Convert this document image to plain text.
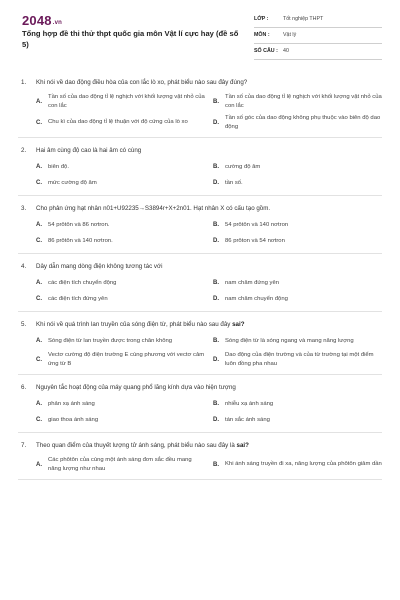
2048.vn
Tổng hợp đề thi thử thpt quốc gia môn Vật lí cực hay (đề số 5)
LỚP :	Tốt nghiệp THPT
MÔN :	Vật lý
SỐ CÂU : 40
1. Khi nói về dao động điều hòa của con lắc lò xo, phát biểu nào sau đây đúng?
A.
Tần số của dao động tỉ lệ nghịch với khối lượng vật nhỏ của con lắc
B.
Tần số của dao động tỉ lệ nghịch với khối lượng vật nhỏ của con lắc
C.	Chu kì của dao động tỉ lệ thuận với độ cứng của lò xo	D.
Tần số góc của dao động không phụ thuộc vào biên độ dao động
2. Hai âm cùng độ cao là hai âm có cùng
A.	biên độ.	B.	cường độ âm
C.	mức cường độ âm	D.	tần số.
3. Cho phản ứng hạt nhân n01+U92235→S3894r+X+2n01. Hạt nhân X có cấu tạo gồm.
A.	54 prôtôn và 86 nơtron.	B.	54 prôtôn và 140 nơtron
C.	86 prôtôn và 140 nơtron.	D.	86 prôton và 54 nơtron
4. Dây dẫn mang dòng điện không tương tác với
A.	các điện tích chuyển động	B.	nam châm đứng yên
C.	các điện tích đứng yên	D.	nam châm chuyển động
5. Khi nói về quá trình lan truyền của sóng điện từ, phát biểu nào sau đây sai?
A.	Sóng điện từ lan truyền được trong chân không	B.	Sóng điện từ là sóng ngang và mang năng lượng
C.
Vectơ cường độ điện trường E cùng phương với vectơ cảm ứng từ B
D.
Dao động của điện trường và của từ trường tại một điểm luôn đồng pha nhau
6. Nguyên tắc hoạt động của máy quang phổ lăng kính dựa vào hiện tượng
A.	phản xạ ánh sáng	B.	nhiễu xạ ánh sáng
C.	giao thoa ánh sáng	D.	tán sắc ánh sáng
7. Theo quan điểm của thuyết lượng tử ánh sáng, phát biểu nào sau đây là sai?
A.
Các phôtôn của cùng một ánh sáng đơn sắc đều mang năng lượng như nhau
B.	Khi ánh sáng truyền đi xa, năng lượng của phôtôn giảm dần
